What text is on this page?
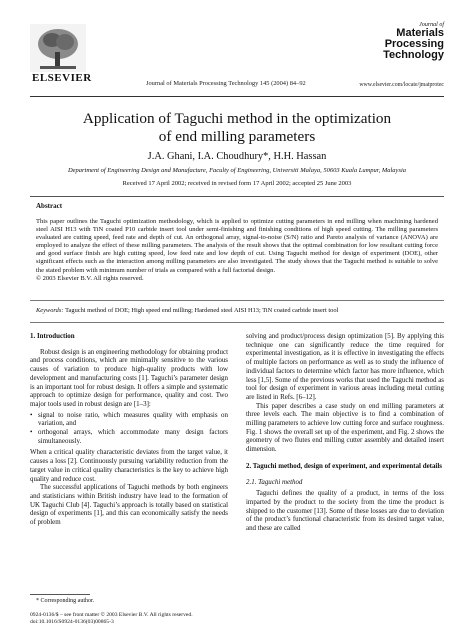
ELSEVIER	Journal of Materials Processing Technology 145 (2004) 84–92
Journal of
Materials
Processing
Technology
www.elsevier.com/locate/jmatprotec
Application of Taguchi method in the optimization
of end milling parameters
J.A. Ghani, I.A. Choudhury*, H.H. Hassan
Department of Engineering Design and Manufacture, Faculty of Engineering, Universiti Malaya, 50603 Kuala Lumpur, Malaysia
Received 17 April 2002; received in revised form 17 April 2002; accepted 25 June 2003
Abstract
This paper outlines the Taguchi optimization methodology, which is applied to optimize cutting parameters in end milling when machining hardened steel AISI H13 with TiN coated P10 carbide insert tool under semi-finishing and finishing conditions of high speed cutting. The milling parameters evaluated are cutting speed, feed rate and depth of cut. An orthogonal array, signal-to-noise (S/N) ratio and Pareto analysis of variance (ANOVA) are employed to analyze the effect of these milling parameters. The analysis of the result shows that the optimal combination for low resultant cutting force and good surface finish are high cutting speed, low feed rate and low depth of cut. Using Taguchi method for design of experiment (DOE), other significant effects such as the interaction among milling parameters are also investigated. The study shows that the Taguchi method is suitable to solve the stated problem with minimum number of trials as compared with a full factorial design.
© 2003 Elsevier B.V. All rights reserved.
Keywords: Taguchi method of DOE; High speed end milling; Hardened steel AISI H13; TiN coated carbide insert tool
1. Introduction

Robust design is an engineering methodology for obtaining product and process conditions, which are minimally sensitive to the various causes of variation to produce high-quality products with low development and manufacturing costs [1]. Taguchi’s parameter design is an important tool for robust design. It offers a simple and systematic approach to optimize design for performance, quality and cost. Two major tools used in robust design are [1–3]:

• signal to noise ratio, which measures quality with emphasis on variation, and
• orthogonal arrays, which accommodate many design factors simultaneously.

When a critical quality characteristic deviates from the target value, it causes a loss [2]. Continuously pursuing variability reduction from the target value in critical quality characteristics is the key to achieve high quality and reduce cost.

The successful applications of Taguchi methods by both engineers and statisticians within British industry have lead to the formation of UK Taguchi Club [4]. Taguchi’s approach is totally based on statistical design of experiments [1], and this can economically satisfy the needs of problem

solving and product/process design optimization [5]. By applying this technique one can significantly reduce the time required for experimental investigation, as it is effective in investigating the effects of multiple factors on performance as well as to study the influence of individual factors to determine which factor has more influence, which less [1,5]. Some of the previous works that used the Taguchi method as tool for design of experiment in various areas including metal cutting are listed in Refs. [6–12].

This paper describes a case study on end milling parameters at three levels each. The main objective is to find a combination of milling parameters to achieve low cutting force and surface roughness. Fig. 1 shows the overall set up of the experiment, and Fig. 2 shows the geometry of two flutes end milling cutter assembly and detailed insert dimension.

2. Taguchi method, design of experiment, and experimental details
2.1. Taguchi method

Taguchi defines the quality of a product, in terms of the loss imparted by the product to the society from the time the product is shipped to the customer [13]. Some of these losses are due to deviation of the product’s functional characteristic from its desired target value, and these are called

* Corresponding author.
0924-0136/$ – see front matter © 2003 Elsevier B.V. All rights reserved.
doi:10.1016/S0924-0136(03)00865-3
